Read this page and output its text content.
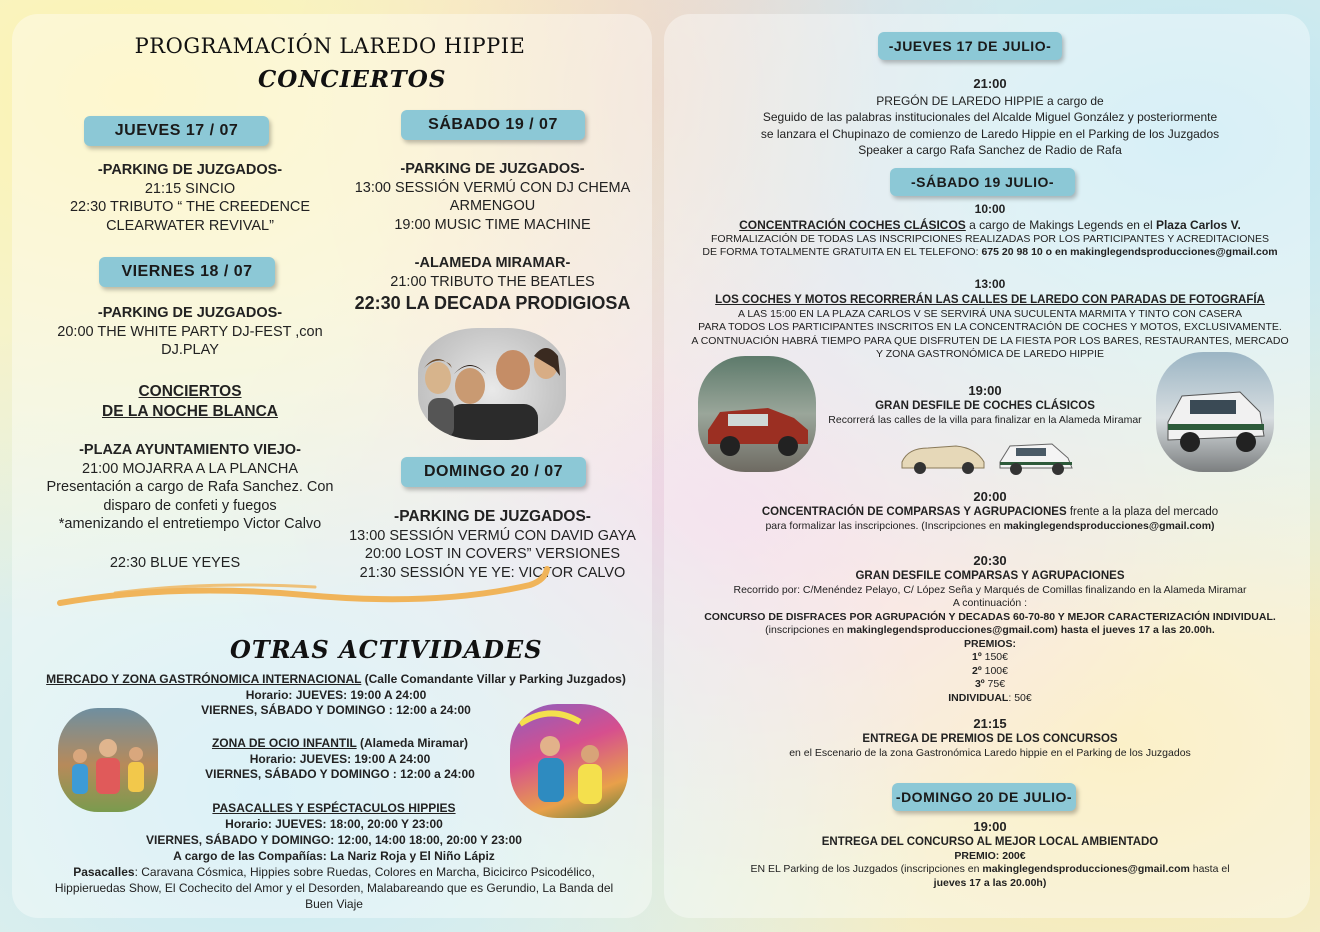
PROGRAMACIÓN LAREDO HIPPIE
CONCIERTOS
JUEVES 17 / 07
-PARKING DE JUZGADOS-
21:15 SINCIO
22:30 TRIBUTO “ THE CREEDENCE
CLEARWATER REVIVAL”
VIERNES 18 / 07
-PARKING DE JUZGADOS-
20:00 THE WHITE PARTY DJ-FEST ,con
DJ.PLAY
CONCIERTOS
DE LA NOCHE BLANCA
-PLAZA AYUNTAMIENTO VIEJO-
21:00 MOJARRA A LA PLANCHA
Presentación a cargo de Rafa Sanchez. Con
disparo de confeti y fuegos
*amenizando el entretiempo Victor Calvo
22:30 BLUE YEYES
SÁBADO 19 / 07
-PARKING DE JUZGADOS-
13:00 SESSIÓN VERMÚ CON DJ CHEMA
ARMENGOU
19:00 MUSIC TIME MACHINE
-ALAMEDA MIRAMAR-
21:00 TRIBUTO THE BEATLES
22:30 LA DECADA PRODIGIOSA
DOMINGO 20 / 07
-PARKING DE JUZGADOS-
13:00 SESSIÓN VERMÚ CON DAVID GAYA
20:00 LOST IN COVERS” VERSIONES
21:30 SESSIÓN YE YE: VICTOR CALVO
OTRAS ACTIVIDADES
MERCADO Y ZONA GASTRÓNOMICA INTERNACIONAL (Calle Comandante Villar y Parking Juzgados)
Horario: JUEVES: 19:00 A 24:00
VIERNES, SÁBADO Y DOMINGO : 12:00 a 24:00
ZONA DE OCIO INFANTIL (Alameda Miramar)
Horario: JUEVES: 19:00 A 24:00
VIERNES, SÁBADO Y DOMINGO : 12:00 a 24:00
PASACALLES Y ESPÉCTACULOS HIPPIES
Horario: JUEVES: 18:00, 20:00 Y 23:00
VIERNES, SÁBADO Y DOMINGO: 12:00, 14:00 18:00, 20:00 Y 23:00
A cargo de las Compañías: La Nariz Roja y El Niño Lápiz
Pasacalles: Caravana Cósmica, Hippies sobre Ruedas, Colores en Marcha, Bicicirco Psicodélico,
Hippieruedas Show, El Cochecito del Amor y el Desorden, Malabareando que es Gerundio, La Banda del
Buen Viaje
-JUEVES 17 DE JULIO-
21:00
PREGÓN DE LAREDO HIPPIE a cargo de
Seguido de las palabras institucionales del Alcalde Miguel González y posteriormente
se lanzara el Chupinazo de comienzo de Laredo Hippie en el Parking de los Juzgados
Speaker a cargo Rafa Sanchez de Radio de Rafa
-SÁBADO 19 JULIO-
10:00
CONCENTRACIÓN COCHES CLÁSICOS a cargo de Makings Legends en el Plaza Carlos V.
FORMALIZACIÓN DE TODAS LAS INSCRIPCIONES REALIZADAS POR LOS PARTICIPANTES Y ACREDITACIONES
DE FORMA TOTALMENTE GRATUITA EN EL TELEFONO: 675 20 98 10 o en makinglegendsproducciones@gmail.com
13:00
LOS COCHES Y MOTOS RECORRERÁN LAS CALLES DE LAREDO CON PARADAS DE FOTOGRAFÍA
A LAS 15:00 EN LA PLAZA CARLOS V SE SERVIRÁ UNA SUCULENTA MARMITA Y TINTO CON CASERA
PARA TODOS LOS PARTICIPANTES INSCRITOS EN LA CONCENTRACIÓN DE COCHES Y MOTOS, EXCLUSIVAMENTE.
A CONTNUACIÓN HABRÁ TIEMPO PARA QUE DISFRUTEN DE LA FIESTA POR LOS BARES, RESTAURANTES, MERCADO
Y ZONA GASTRONÓMICA DE LAREDO HIPPIE
19:00
GRAN DESFILE DE COCHES CLÁSICOS
Recorrerá las calles de la villa para finalizar en la Alameda Miramar
20:00
CONCENTRACIÓN DE COMPARSAS Y AGRUPACIONES frente a la plaza del mercado
para formalizar las inscripciones. (Inscripciones en makinglegendsproducciones@gmail.com)
20:30
GRAN DESFILE COMPARSAS Y AGRUPACIONES
Recorrido por: C/Menéndez Pelayo, C/ López Seña y Marqués de Comillas finalizando en la Alameda Miramar
A continuación :
CONCURSO DE DISFRACES POR AGRUPACIÓN Y DECADAS 60-70-80 Y MEJOR CARACTERIZACIÓN INDIVIDUAL.
(inscripciones en makinglegendsproducciones@gmail.com) hasta el jueves 17 a las 20.00h.
PREMIOS:
1º 150€
2º 100€
3º 75€
INDIVIDUAL: 50€
21:15
ENTREGA DE PREMIOS DE LOS CONCURSOS
en el Escenario de la zona Gastronómica Laredo hippie en el Parking de los Juzgados
-DOMINGO 20 DE JULIO-
19:00
ENTREGA DEL CONCURSO AL MEJOR LOCAL AMBIENTADO
PREMIO: 200€
EN EL Parking de los Juzgados (inscripciones en makinglegendsproducciones@gmail.com hasta el
jueves 17 a las 20.00h)
